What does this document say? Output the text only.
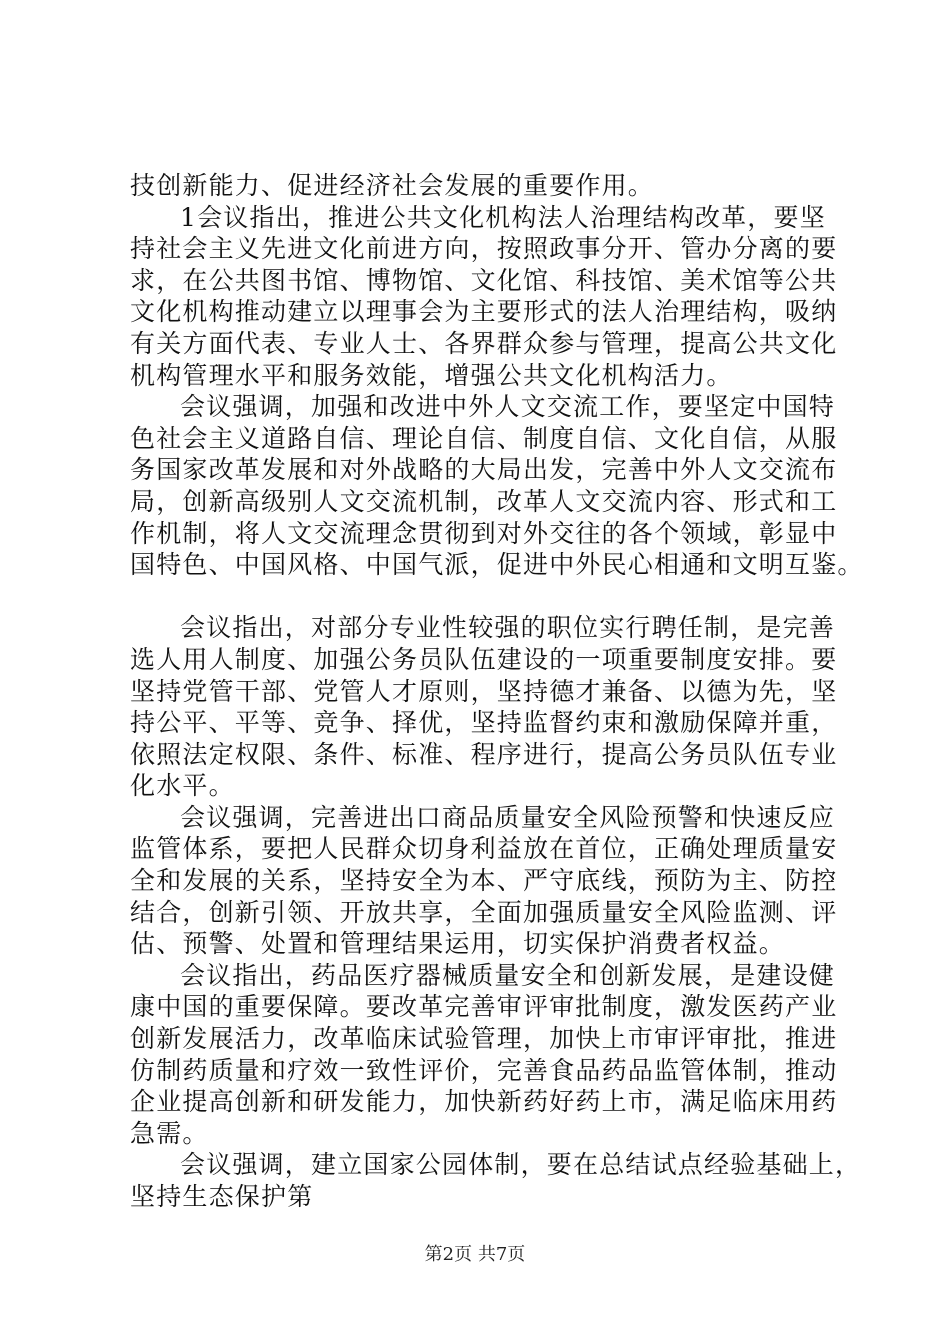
技创新能力、促进经济社会发展的重要作用。
1会议指出，推进公共文化机构法人治理结构改革，要坚
持社会主义先进文化前进方向，按照政事分开、管办分离的要
求，在公共图书馆、博物馆、文化馆、科技馆、美术馆等公共
文化机构推动建立以理事会为主要形式的法人治理结构，吸纳
有关方面代表、专业人士、各界群众参与管理，提高公共文化
机构管理水平和服务效能，增强公共文化机构活力。
会议强调，加强和改进中外人文交流工作，要坚定中国特
色社会主义道路自信、理论自信、制度自信、文化自信，从服
务国家改革发展和对外战略的大局出发，完善中外人文交流布
局，创新高级别人文交流机制，改革人文交流内容、形式和工
作机制，将人文交流理念贯彻到对外交往的各个领域，彰显中
国特色、中国风格、中国气派，促进中外民心相通和文明互鉴。
会议指出，对部分专业性较强的职位实行聘任制，是完善
选人用人制度、加强公务员队伍建设的一项重要制度安排。要
坚持党管干部、党管人才原则，坚持德才兼备、以德为先，坚
持公平、平等、竞争、择优，坚持监督约束和激励保障并重，
依照法定权限、条件、标准、程序进行，提高公务员队伍专业
化水平。
会议强调，完善进出口商品质量安全风险预警和快速反应
监管体系，要把人民群众切身利益放在首位，正确处理质量安
全和发展的关系，坚持安全为本、严守底线，预防为主、防控
结合，创新引领、开放共享，全面加强质量安全风险监测、评
估、预警、处置和管理结果运用，切实保护消费者权益。
会议指出，药品医疗器械质量安全和创新发展，是建设健
康中国的重要保障。要改革完善审评审批制度，激发医药产业
创新发展活力，改革临床试验管理，加快上市审评审批，推进
仿制药质量和疗效一致性评价，完善食品药品监管体制，推动
企业提高创新和研发能力，加快新药好药上市，满足临床用药
急需。
会议强调，建立国家公园体制，要在总结试点经验基础上，
坚持生态保护第
第2页 共7页
